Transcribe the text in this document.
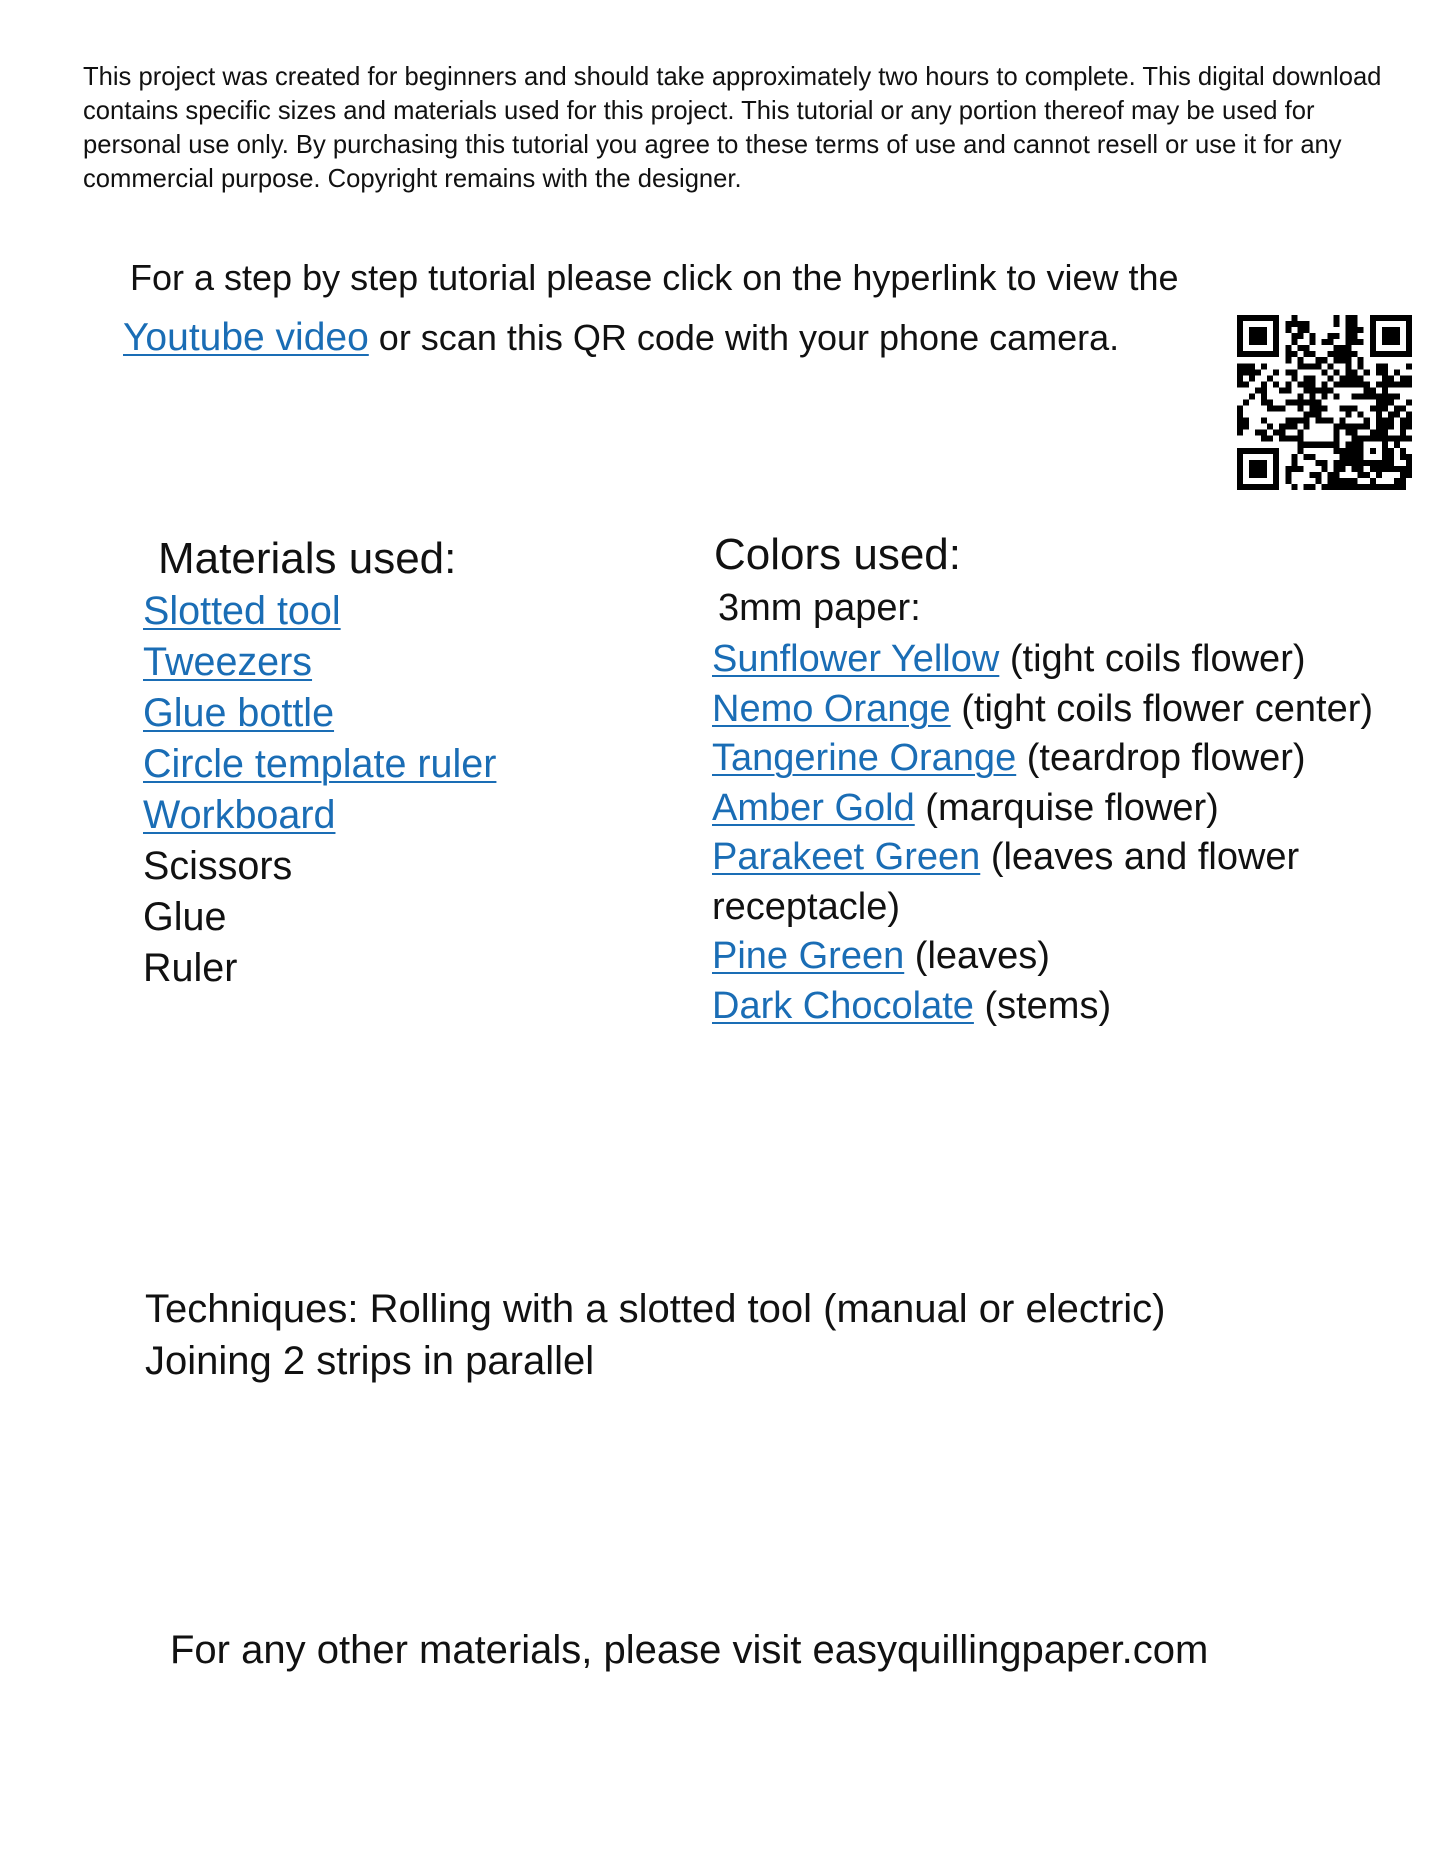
This project was created for beginners and should take approximately two hours to complete. This digital download contains specific sizes and materials used for this project. This tutorial or any portion thereof may be used for personal use only. By purchasing this tutorial you agree to these terms of use and cannot resell or use it for any commercial purpose. Copyright remains with the designer.
For a step by step tutorial please click on the hyperlink to view the
Youtube video or scan this QR code with your phone camera.
Materials used:
Slotted tool
Tweezers
Glue bottle
Circle template ruler
Workboard
Scissors
Glue
Ruler
Colors used:
3mm paper:
Sunflower Yellow (tight coils flower)
Nemo Orange (tight coils flower center)
Tangerine Orange (teardrop flower)
Amber Gold (marquise flower)
Parakeet Green (leaves and flower receptacle)
Pine Green (leaves)
Dark Chocolate (stems)
Techniques: Rolling with a slotted tool (manual or electric)
Joining 2 strips in parallel
For any other materials, please visit easyquillingpaper.com
